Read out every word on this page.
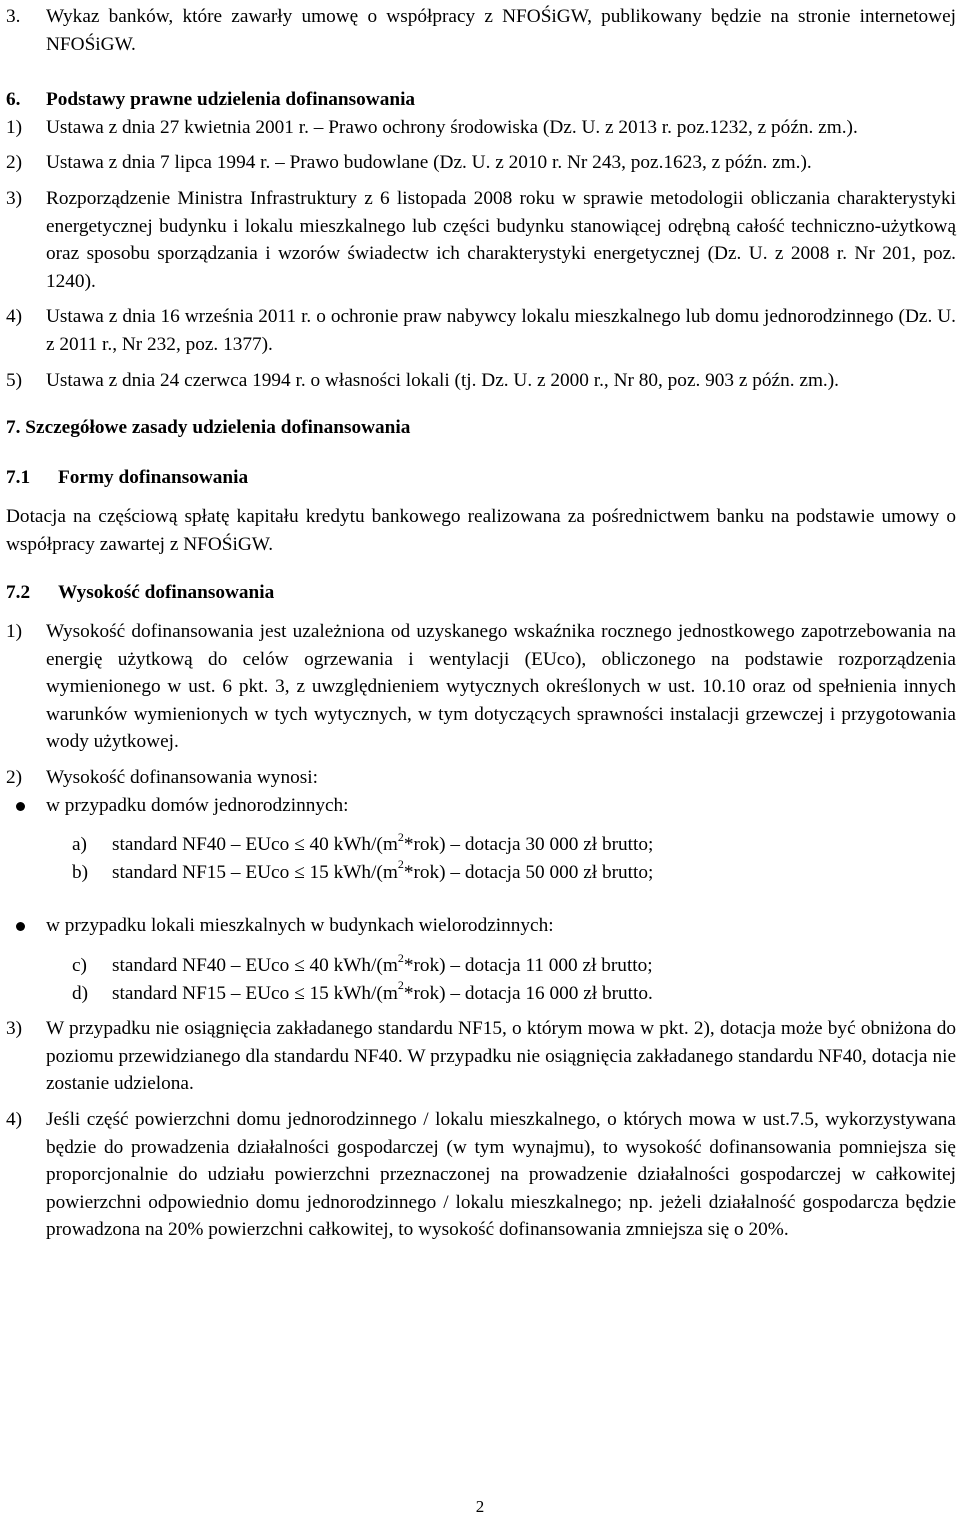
3.	Wykaz banków, które zawarły umowę o współpracy z NFOŚiGW, publikowany będzie na stronie internetowej NFOŚiGW.
6.	Podstawy prawne udzielenia dofinansowania
1)	Ustawa z dnia 27 kwietnia 2001 r. – Prawo ochrony środowiska (Dz. U. z 2013 r. poz.1232, z późn. zm.).
2)	Ustawa z dnia 7 lipca 1994 r. – Prawo budowlane (Dz. U. z 2010 r. Nr 243, poz.1623, z późn. zm.).
3)	Rozporządzenie Ministra Infrastruktury z 6 listopada 2008 roku w sprawie metodologii obliczania charakterystyki energetycznej budynku i lokalu mieszkalnego lub części budynku stanowiącej odrębną całość techniczno-użytkową oraz sposobu sporządzania i wzorów świadectw ich charakterystyki energetycznej (Dz. U. z 2008 r. Nr 201, poz. 1240).
4)	Ustawa z dnia 16 września 2011 r. o ochronie praw nabywcy lokalu mieszkalnego lub domu jednorodzinnego (Dz. U. z 2011 r., Nr 232, poz. 1377).
5)	Ustawa z dnia 24 czerwca 1994 r. o własności lokali (tj. Dz. U. z 2000 r., Nr 80, poz. 903 z późn. zm.).

7. Szczegółowe zasady udzielenia dofinansowania

7.1	Formy dofinansowania

Dotacja na częściową spłatę kapitału kredytu bankowego realizowana za pośrednictwem banku na podstawie umowy o współpracy zawartej z NFOŚiGW.

7.2	Wysokość dofinansowania
1)	Wysokość dofinansowania jest uzależniona od uzyskanego wskaźnika rocznego jednostkowego zapotrzebowania na energię użytkową do celów ogrzewania i wentylacji (EUco), obliczonego na podstawie rozporządzenia wymienionego w ust. 6 pkt. 3, z uwzględnieniem wytycznych określonych w ust. 10.10 oraz od spełnienia innych warunków wymienionych w tych wytycznych, w tym dotyczących sprawności instalacji grzewczej i przygotowania wody użytkowej.
2)	Wysokość dofinansowania wynosi:
w przypadku domów jednorodzinnych:
a)	standard NF40 – EUco ≤ 40 kWh/$(m^2*rok)$ – dotacja 30 000 zł brutto;
b)	standard NF15 – EUco ≤ 15 kWh/$(m^2*rok)$ – dotacja 50 000 zł brutto;
w przypadku lokali mieszkalnych w budynkach wielorodzinnych:
c)	standard NF40 – EUco ≤ 40 kWh/$(m^2*rok)$ – dotacja 11 000 zł brutto;
d)	standard NF15 – EUco ≤ 15 kWh/$(m^2*rok)$ – dotacja 16 000 zł brutto.
3)	W przypadku nie osiągnięcia zakładanego standardu NF15, o którym mowa w pkt. 2), dotacja może być obniżona do poziomu przewidzianego dla standardu NF40. W przypadku nie osiągnięcia zakładanego standardu NF40, dotacja nie zostanie udzielona.
4)	Jeśli część powierzchni domu jednorodzinnego / lokalu mieszkalnego, o których mowa w ust.7.5, wykorzystywana będzie do prowadzenia działalności gospodarczej (w tym wynajmu), to wysokość dofinansowania pomniejsza się proporcjonalnie do udziału powierzchni przeznaczonej na prowadzenie działalności gospodarczej w całkowitej powierzchni odpowiednio domu jednorodzinnego / lokalu mieszkalnego; np. jeżeli działalność gospodarcza będzie prowadzona na 20% powierzchni całkowitej, to wysokość dofinansowania zmniejsza się o 20%.
2
